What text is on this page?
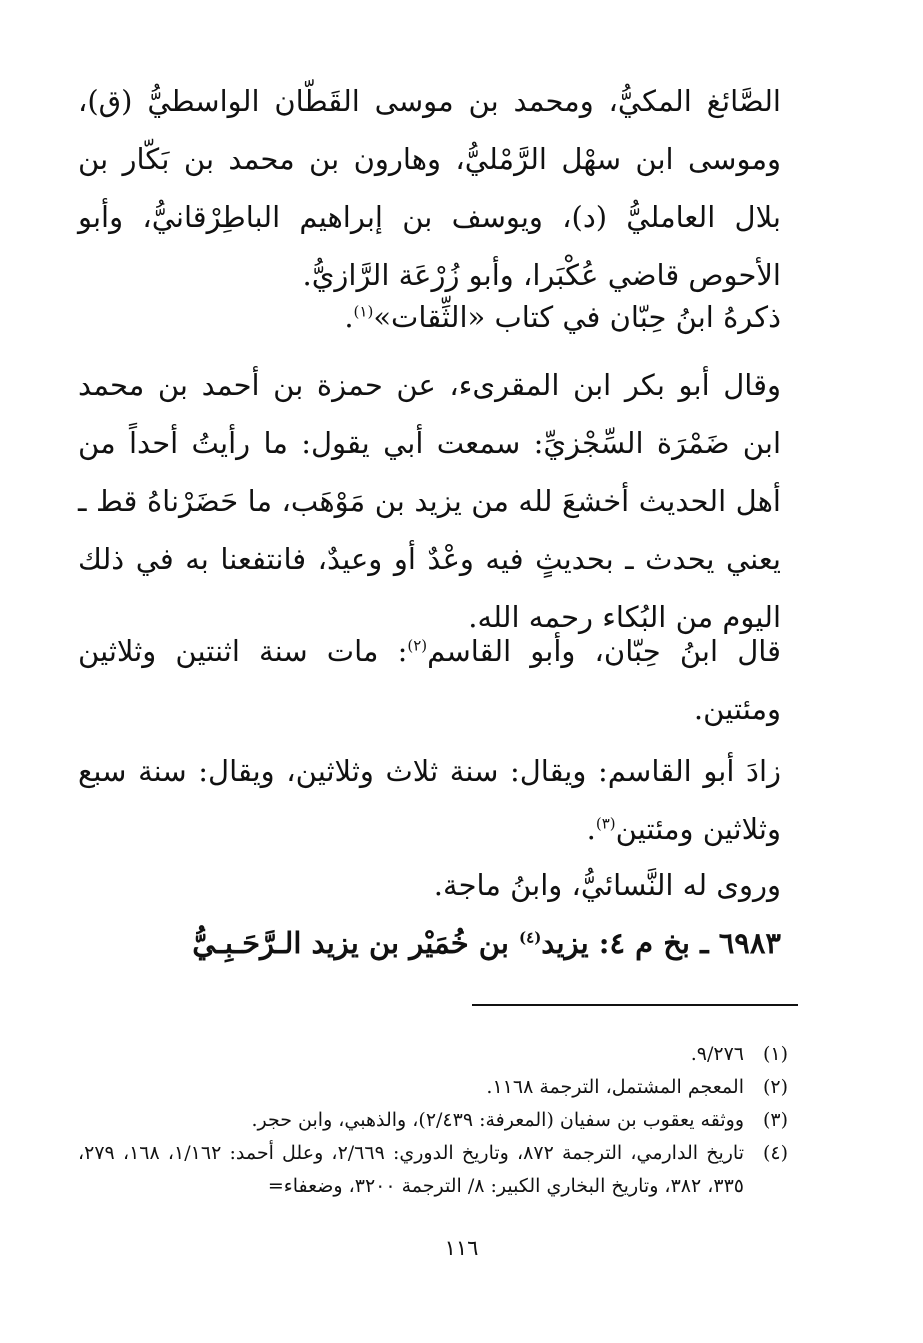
الصَّائغ المكيُّ، ومحمد بن موسى القَطّان الواسطيُّ (ق)، وموسى ابن سهْل الرَّمْليُّ، وهارون بن محمد بن بَكّار بن بلال العامليُّ (د)، ويوسف بن إبراهيم الباطِرْقانيُّ، وأبو الأحوص قاضي عُكْبَرا، وأبو زُرْعَة الرَّازيُّ.

ذكرهُ ابنُ حِبّان في كتاب «الثِّقات»$^{(١)}$.

وقال أبو بكر ابن المقرىء، عن حمزة بن أحمد بن محمد ابن ضَمْرَة السِّجْزيِّ: سمعت أبي يقول: ما رأيتُ أحداً من أهل الحديث أخشعَ لله من يزيد بن مَوْهَب، ما حَضَرْناهُ قط ـ يعني يحدث ـ بحديثٍ فيه وعْدٌ أو وعيدٌ، فانتفعنا به في ذلك اليوم من البُكاء رحمه الله.

قال ابنُ حِبّان، وأبو القاسم$^{(٢)}$: مات سنة اثنتين وثلاثين ومئتين.

زادَ أبو القاسم: ويقال: سنة ثلاث وثلاثين، ويقال: سنة سبع وثلاثين ومئتين$^{(٣)}$.

وروى له النَّسائيُّ، وابنُ ماجة.

٦٩٨٣ ـ بخ م ٤: يزيد$^{(٤)}$ بن خُمَيْر بن يزيد الـرَّحَـبِـيُّ

(١)
٩/٢٧٦.
(٢)
المعجم المشتمل، الترجمة ١١٦٨.
(٣)
ووثقه يعقوب بن سفيان (المعرفة: ٢/٤٣٩)، والذهبي، وابن حجر.
(٤)
تاريخ الدارمي، الترجمة ٨٧٢، وتاريخ الدوري: ٢/٦٦٩، وعلل أحمد: ١/١٦٢، ١٦٨، ٢٧٩، ٣٣٥، ٣٨٢، وتاريخ البخاري الكبير: ٨/ الترجمة ٣٢٠٠، وضعفاء=
١١٦
